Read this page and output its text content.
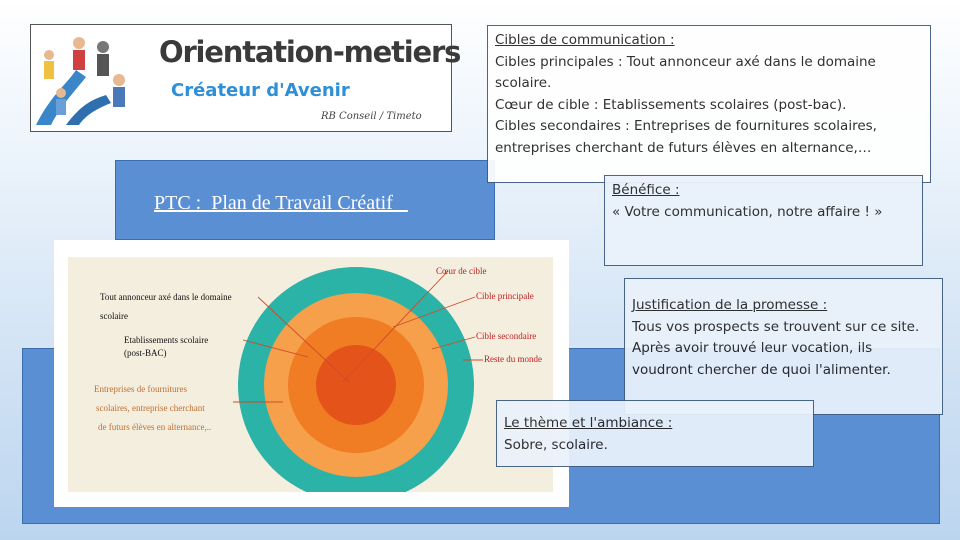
Orientation-metiers
Créateur d'Avenir
RB Conseil / Timeto
PTC :  Plan de Travail Créatif
Cœur de cible
Cible principale
Cible secondaire
Reste du monde
Tout annonceur axé dans le domaine
scolaire
Etablissements scolaire
(post-BAC)
Entreprises de fournitures
scolaires, entreprise cherchant
de futurs élèves en alternance,..
Cibles de communication :
Cibles principales : Tout annonceur axé dans le domaine scolaire.
Cœur de cible : Etablissements scolaires (post-bac).
Cibles secondaires : Entreprises de fournitures scolaires, entreprises cherchant de futurs élèves en alternance,…
Bénéfice :
« Votre communication, notre affaire ! »
Justification de la promesse :
Tous vos prospects se trouvent sur ce site. Après avoir trouvé leur vocation, ils voudront chercher de quoi l'alimenter.
Le thème et l'ambiance :
Sobre, scolaire.
